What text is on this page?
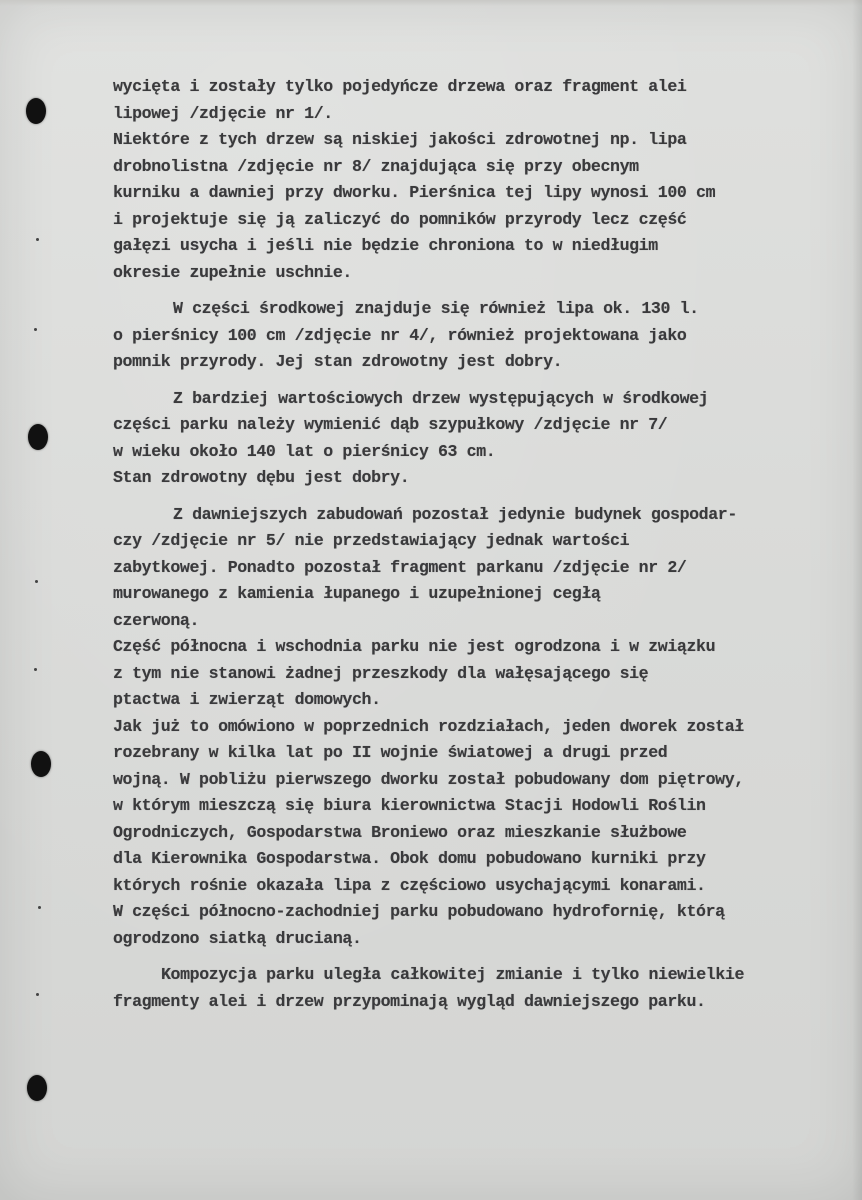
wycięta i zostały tylko pojedyńcze drzewa oraz fragment alei
lipowej /zdjęcie nr 1/.
Niektóre z tych drzew są niskiej jakości zdrowotnej np. lipa
drobnolistna /zdjęcie nr 8/ znajdująca się przy obecnym
kurniku a dawniej przy dworku. Pierśnica tej lipy wynosi 100 cm
i projektuje się ją zaliczyć do pomników przyrody lecz część
gałęzi usycha i jeśli nie będzie chroniona to w niedługim
okresie zupełnie uschnie.
W części środkowej znajduje się również lipa ok. 130 l.
o pierśnicy 100 cm /zdjęcie nr 4/, również projektowana jako
pomnik przyrody. Jej stan zdrowotny jest dobry.
Z bardziej wartościowych drzew występujących w środkowej
części parku należy wymienić dąb szypułkowy /zdjęcie nr 7/
w wieku około 140 lat o pierśnicy 63 cm.
Stan zdrowotny dębu jest dobry.
Z dawniejszych zabudowań pozostał jedynie budynek gospodar-
czy /zdjęcie nr 5/ nie przedstawiający jednak wartości
zabytkowej. Ponadto pozostał fragment parkanu /zdjęcie nr 2/
murowanego z kamienia łupanego i uzupełnionej cegłą
czerwoną.
Część północna i wschodnia parku nie jest ogrodzona i w związku
z tym nie stanowi żadnej przeszkody dla wałęsającego się
ptactwa i zwierząt domowych.
Jak już to omówiono w poprzednich rozdziałach, jeden dworek został
rozebrany w kilka lat po II wojnie światowej a drugi przed
wojną. W pobliżu pierwszego dworku został pobudowany dom piętrowy,
w którym mieszczą się biura kierownictwa Stacji Hodowli Roślin
Ogrodniczych, Gospodarstwa Broniewo oraz mieszkanie służbowe
dla Kierownika Gospodarstwa. Obok domu pobudowano kurniki przy
których rośnie okazała lipa z częściowo usychającymi konarami.
W części północno-zachodniej parku pobudowano hydrofornię, którą
ogrodzono siatką drucianą.
Kompozycja parku uległa całkowitej zmianie i tylko niewielkie
fragmenty alei i drzew przypominają wygląd dawniejszego parku.
